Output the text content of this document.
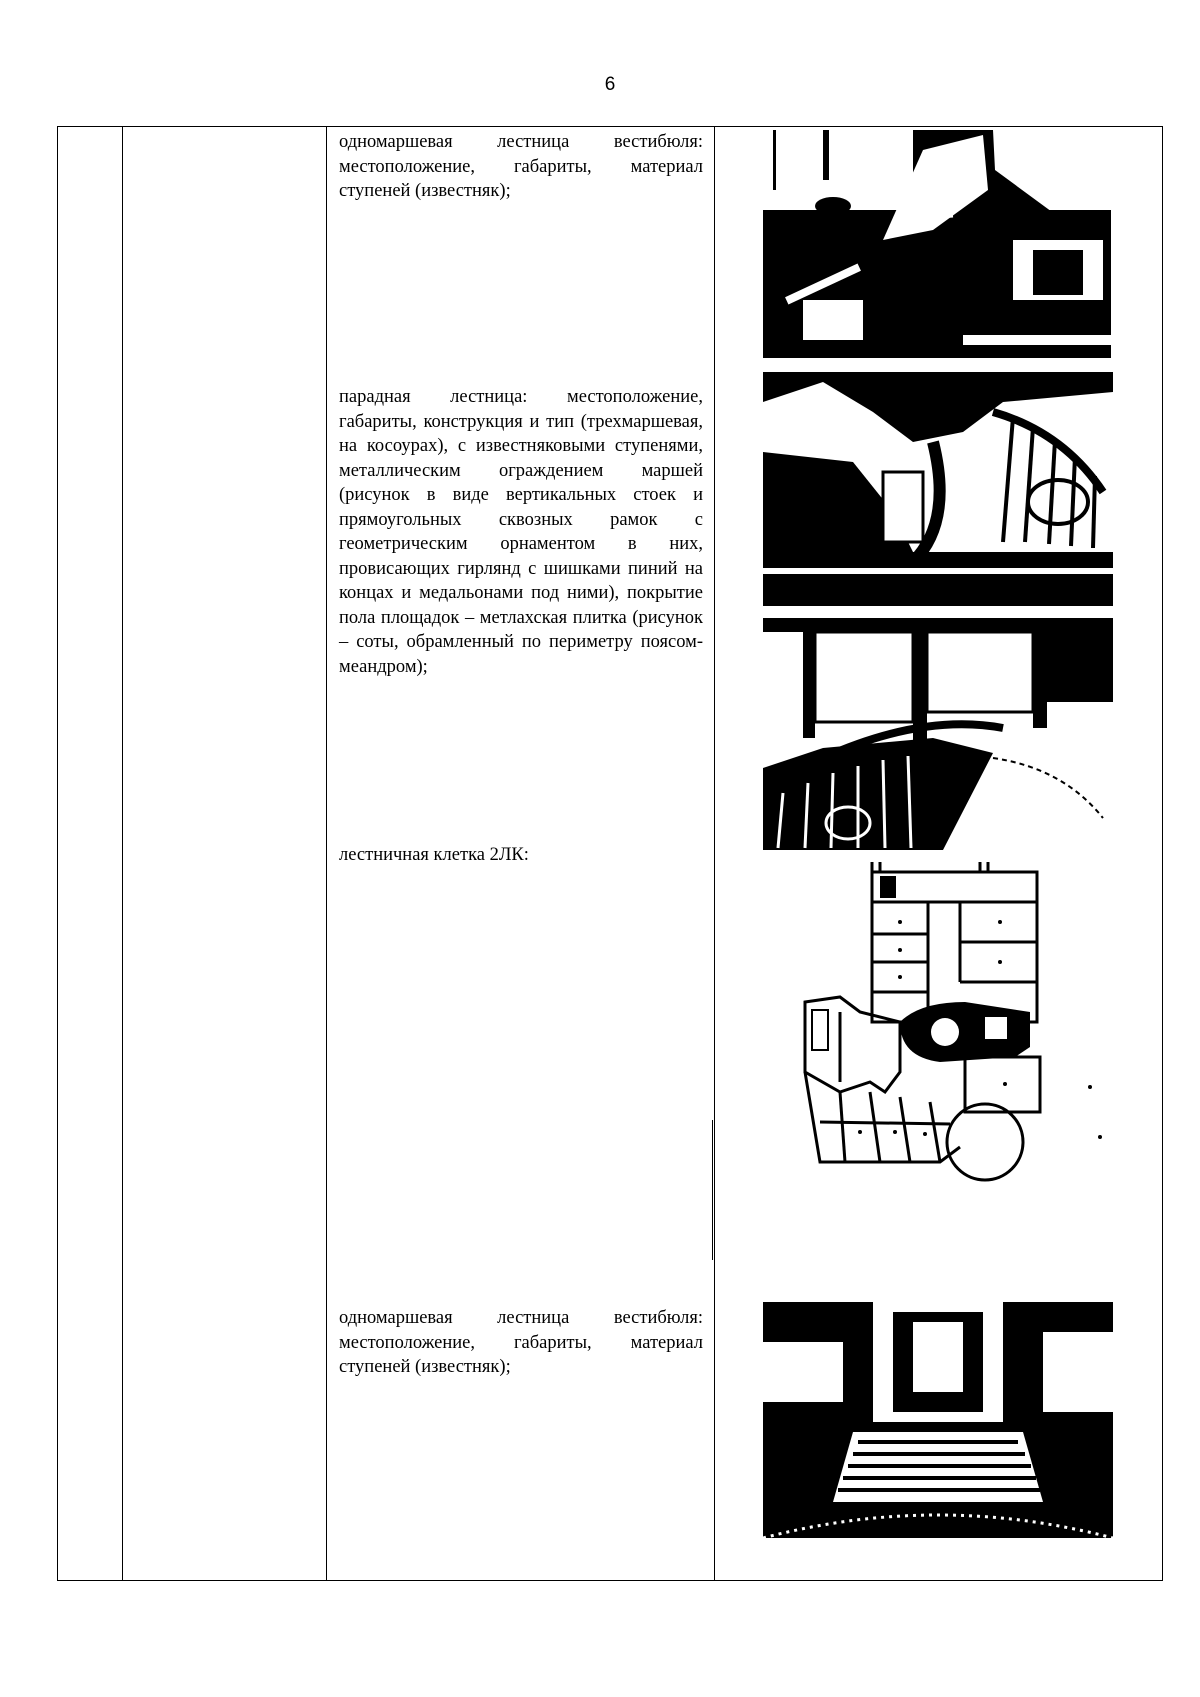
6
одномаршевая лестница вестибюля: местоположение, габариты, материал ступеней (известняк);
парадная лестница: местоположение, габариты, конструкция и тип (трехмаршевая, на косоурах), с известняковыми ступенями, металлическим ограждением маршей (рисунок в виде вертикальных стоек и прямоугольных сквозных рамок с геометрическим орнаментом в них, провисающих гирлянд с шишками пиний на концах и медальонами под ними), покрытие пола площадок – метлахская плитка (рисунок – соты, обрамленный по периметру поясом-меандром);
лестничная клетка 2ЛК:
одномаршевая лестница вестибюля: местоположение, габариты, материал ступеней (известняк);
